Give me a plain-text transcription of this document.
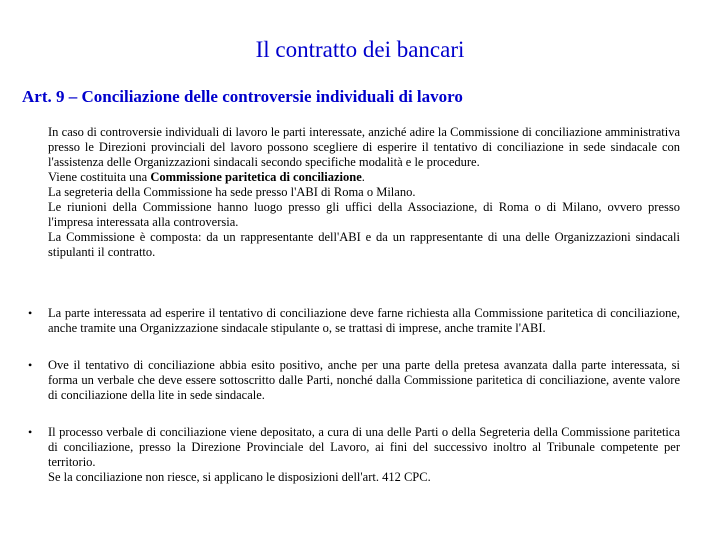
Il contratto dei bancari
Art. 9 – Conciliazione delle controversie individuali di lavoro

In caso di controversie individuali di lavoro le parti interessate, anziché adire la Commissione di conciliazione amministrativa presso le Direzioni provinciali del lavoro possono scegliere di esperire il tentativo di conciliazione in sede sindacale con l'assistenza delle Organizzazioni sindacali secondo specifiche modalità e le procedure.

Viene costituita una Commissione paritetica di conciliazione.

La segreteria della Commissione ha sede presso l'ABI di Roma o Milano.

Le riunioni della Commissione hanno luogo presso gli uffici della Associazione, di Roma o di Milano, ovvero presso l'impresa interessata alla controversia.

La Commissione è composta: da un rappresentante dell'ABI e da un rappresentante di una delle Organizzazioni sindacali stipulanti il contratto.

• La parte interessata ad esperire il tentativo di conciliazione deve farne richiesta alla Commissione paritetica di conciliazione, anche tramite una Organizzazione sindacale stipulante o, se trattasi di imprese, anche tramite l'ABI.

• Ove il tentativo di conciliazione abbia esito positivo, anche per una parte della pretesa avanzata dalla parte interessata, si forma un verbale che deve essere sottoscritto dalle Parti, nonché dalla Commissione paritetica di conciliazione, avente valore di conciliazione della lite in sede sindacale.

• Il processo verbale di conciliazione viene depositato, a cura di una delle Parti o della Segreteria della Commissione paritetica di conciliazione, presso la Direzione Provinciale del Lavoro, ai fini del successivo inoltro al Tribunale competente per territorio.

Se la conciliazione non riesce, si applicano le disposizioni dell'art. 412 CPC.
